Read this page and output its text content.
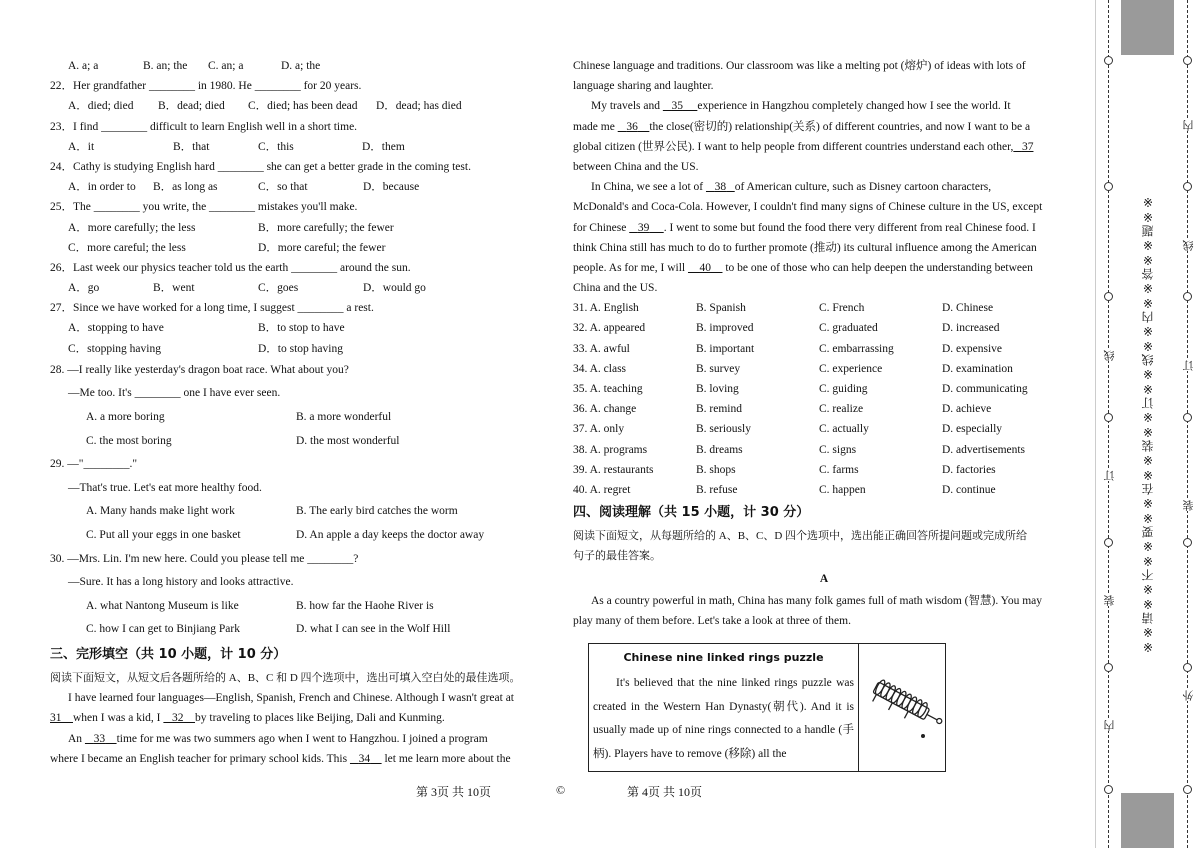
A. a; a	B. an; the	C. an; a	D. a; the
22．Her grandfather ________ in 1980. He ________ for 20 years.
A．died; died	B．dead; died	C．died; has been dead	D．dead; has died
23．I find ________ difficult to learn English well in a short time.
A．it	B．that	C．this	D．them
24．Cathy is studying English hard ________ she can get a better grade in the coming test.
A．in order to	B．as long as	C．so that	D．because
25．The ________ you write, the ________ mistakes you'll make.
A．more carefully; the less	B．more carefully; the fewer
C．more careful; the less	D．more careful; the fewer
26．Last week our physics teacher told us the earth ________ around the sun.
A．go	B．went	C．goes	D．would go
27．Since we have worked for a long time, I suggest ________ a rest.
A．stopping to have	B．to stop to have
C．stopping having	D．to stop having
28. —I really like yesterday's dragon boat race. What about you?
—Me too. It's ________ one I have ever seen.
A. a more boring	B. a more wonderful
C. the most boring	D. the most wonderful
29. —"________."
—That's true. Let's eat more healthy food.
A. Many hands make light work	B. The early bird catches the worm
C. Put all your eggs in one basket	D. An apple a day keeps the doctor away
30. —Mrs. Lin. I'm new here. Could you please tell me ________?
—Sure. It has a long history and looks attractive.
A. what Nantong Museum is like	B. how far the Haohe River is
C. how I can get to Binjiang Park	D. what I can see in the Wolf Hill
三、完形填空（共 10 小题，计 10 分）
阅读下面短文，从短文后各题所给的 A、B、C 和 D 四个选项中，选出可填入空白处的最佳选项。
I have learned four languages—English, Spanish, French and Chinese. Although I wasn't great at
31 when I was a kid, I    32 by traveling to places like Beijing, Dali and Kunming.
An    33 time for me was two summers ago when I went to Hangzhou. I joined a program
where I became an English teacher for primary school kids. This    34     let me learn more about the
Chinese language and traditions. Our classroom was like a melting pot (熔炉) of ideas with lots of
language sharing and laughter.
My travels and    35 experience in Hangzhou completely changed how I see the world. It
made me    36 the close(密切的) relationship(关系) of different countries, and now I want to be a
global citizen (世界公民). I want to help people from different countries understand each other, 37
between China and the US.
In China, we see a lot of    38 of American culture, such as Disney cartoon characters,
McDonald's and Coca-Cola. However, I couldn't find many signs of Chinese culture in the US, except
for Chinese    39 . I went to some but found the food there very different from real Chinese food. I
think China still has much to do to further promote (推动) its cultural influence among the American
people. As for me, I will     40     to be one of those who can help deepen the understanding between
China and the US.
31. A. English	B. Spanish	C. French	D. Chinese
32. A. appeared	B. improved	C. graduated	D. increased
33. A. awful	B. important	C. embarrassing	D. expensive
34. A. class	B. survey	C. experience	D. examination
35. A. teaching	B. loving	C. guiding	D. communicating
36. A. change	B. remind	C. realize	D. achieve
37. A. only	B. seriously	C. actually	D. especially
38. A. programs	B. dreams	C. signs	D. advertisements
39. A. restaurants	B. shops	C. farms	D. factories
40. A. regret	B. refuse	C. happen	D. continue
四、阅读理解（共 15 小题，计 30 分）
阅读下面短文，从每题所给的 A、B、C、D 四个选项中，选出能正确回答所提问题或完成所给
句子的最佳答案。
A
As a country powerful in math, China has many folk games full of math wisdom (智慧). You may
play many of them before. Let's take a look at three of them.
Chinese nine linked rings puzzle
It's believed that the nine linked rings puzzle was created in the Western Han Dynasty(朝代). And it is usually made up of nine rings connected to a handle (手柄). Players have to remove (移除) all the
第 3页 共 10页	©	第 4页 共 10页
※※请※※不※※要※※在※※装※※订※※线※※内※※答※※题※※
线
订
装
内
内
线
订
装
外
